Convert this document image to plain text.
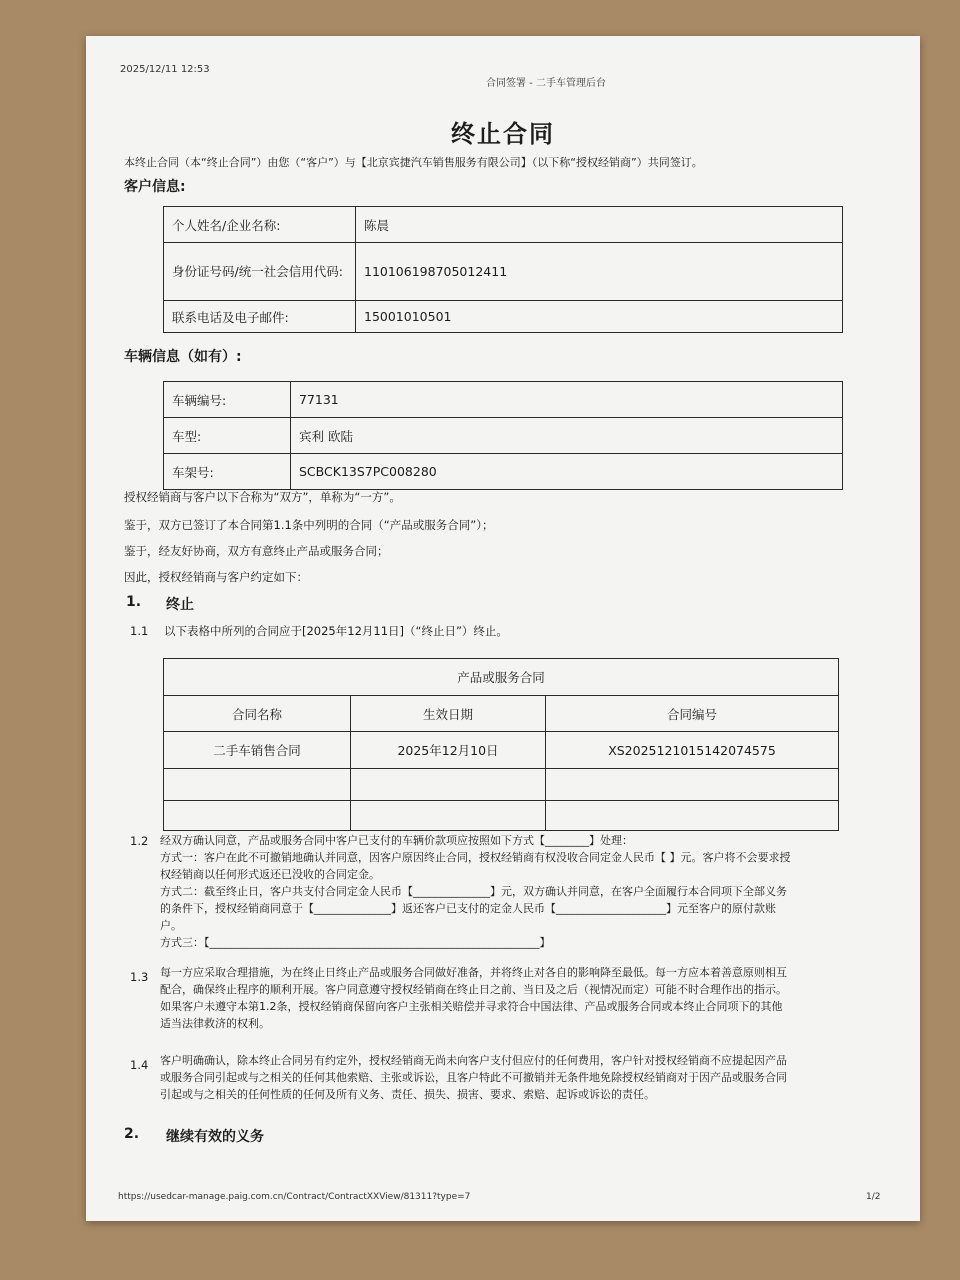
2025/12/11 12:53
合同签署 - 二手车管理后台
终止合同
本终止合同（本“终止合同”）由您（“客户”）与【北京宾捷汽车销售服务有限公司】（以下称“授权经销商”）共同签订。
客户信息:
个人姓名/企业名称:	陈晨
身份证号码/统一社会信用代码:	110106198705012411
联系电话及电子邮件:	15001010501
车辆信息（如有）:
车辆编号:	77131
车型:	宾利 欧陆
车架号:	SCBCK13S7PC008280
授权经销商与客户以下合称为“双方”，单称为“一方”。
鉴于，双方已签订了本合同第1.1条中列明的合同（“产品或服务合同”）；
鉴于，经友好协商，双方有意终止产品或服务合同；
因此，授权经销商与客户约定如下：
1. 终止
1.1 以下表格中所列的合同应于[2025年12月11日]（“终止日”）终止。
产品或服务合同		
合同名称	生效日期	合同编号
二手车销售合同	2025年12月10日	XS2025121015142074575

1.2 经双方确认同意，产品或服务合同中客户已支付的车辆价款项应按照如下方式【________】处理：
方式一：客户在此不可撤销地确认并同意，因客户原因终止合同，授权经销商有权没收合同定金人民币【 】元。客户将不会要求授
权经销商以任何形式返还已没收的合同定金。
方式二：截至终止日，客户共支付合同定金人民币【______________】元，双方确认并同意，在客户全面履行本合同项下全部义务
的条件下，授权经销商同意于【______________】返还客户已支付的定金人民币【____________________】元至客户的原付款账
户。
方式三：【____________________________________________________________】
1.3 每一方应采取合理措施，为在终止日终止产品或服务合同做好准备，并将终止对各自的影响降至最低。每一方应本着善意原则相互
配合，确保终止程序的顺利开展。客户同意遵守授权经销商在终止日之前、当日及之后（视情况而定）可能不时合理作出的指示。
如果客户未遵守本第1.2条，授权经销商保留向客户主张相关赔偿并寻求符合中国法律、产品或服务合同或本终止合同项下的其他
适当法律救济的权利。
1.4 客户明确确认，除本终止合同另有约定外，授权经销商无尚未向客户支付但应付的任何费用，客户针对授权经销商不应提起因产品
或服务合同引起或与之相关的任何其他索赔、主张或诉讼，且客户特此不可撤销并无条件地免除授权经销商对于因产品或服务合同
引起或与之相关的任何性质的任何及所有义务、责任、损失、损害、要求、索赔、起诉或诉讼的责任。
2. 继续有效的义务
https://usedcar-manage.paig.com.cn/Contract/ContractXXView/81311?type=7	1/2
